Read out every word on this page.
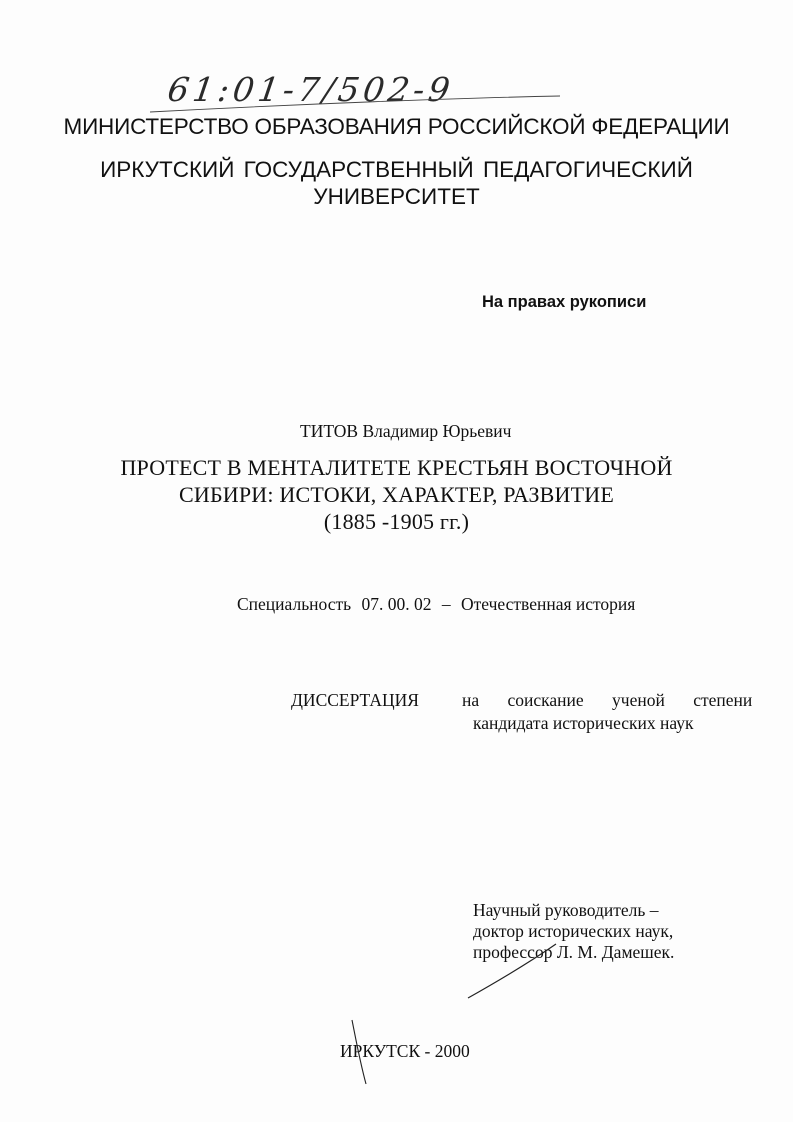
61:01-7/502-9
МИНИСТЕРСТВО ОБРАЗОВАНИЯ РОССИЙСКОЙ ФЕДЕРАЦИИ
ИРКУТСКИЙ ГОСУДАРСТВЕННЫЙ ПЕДАГОГИЧЕСКИЙ
УНИВЕРСИТЕТ
На правах рукописи
ТИТОВ Владимир Юрьевич
ПРОТЕСТ В МЕНТАЛИТЕТЕ КРЕСТЬЯН ВОСТОЧНОЙ
СИБИРИ: ИСТОКИ, ХАРАКТЕР, РАЗВИТИЕ
(1885 -1905 гг.)
Специальность 07. 00. 02 – Отечественная история
ДИССЕРТАЦИЯ на соискание ученой степени
кандидата исторических наук
Научный руководитель –
доктор исторических наук,
профессор Л. М. Дамешек.
ИРКУТСК - 2000
